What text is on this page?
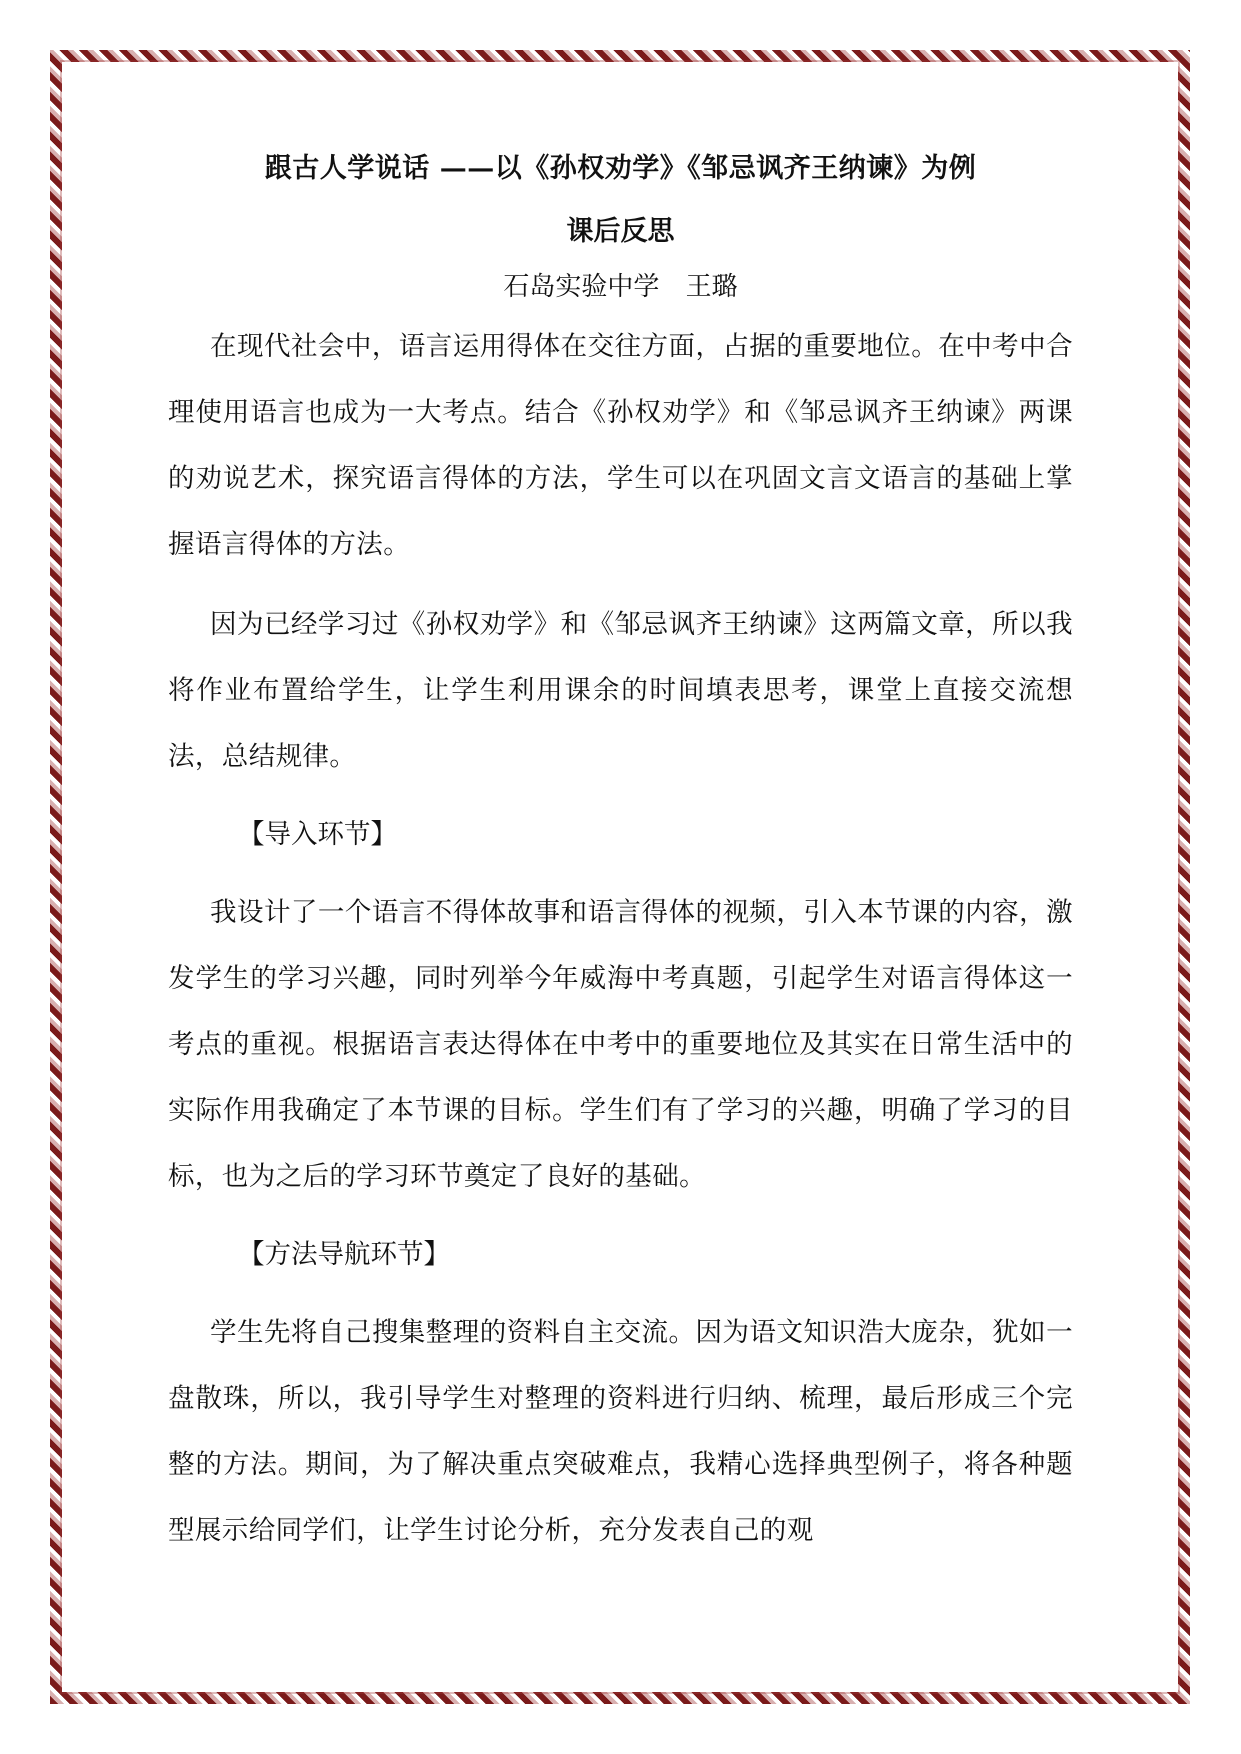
跟古人学说话 ——以《孙权劝学》《邹忌讽齐王纳谏》为例
课后反思
石岛实验中学 王璐

在现代社会中，语言运用得体在交往方面，占据的重要地位。在中考中合理使用语言也成为一大考点。结合《孙权劝学》和《邹忌讽齐王纳谏》两课的劝说艺术，探究语言得体的方法，学生可以在巩固文言文语言的基础上掌握语言得体的方法。

因为已经学习过《孙权劝学》和《邹忌讽齐王纳谏》这两篇文章，所以我将作业布置给学生，让学生利用课余的时间填表思考，课堂上直接交流想法，总结规律。

【导入环节】

我设计了一个语言不得体故事和语言得体的视频，引入本节课的内容，激发学生的学习兴趣，同时列举今年威海中考真题，引起学生对语言得体这一考点的重视。根据语言表达得体在中考中的重要地位及其实在日常生活中的实际作用我确定了本节课的目标。学生们有了学习的兴趣，明确了学习的目标，也为之后的学习环节奠定了良好的基础。

【方法导航环节】

学生先将自己搜集整理的资料自主交流。因为语文知识浩大庞杂，犹如一盘散珠，所以，我引导学生对整理的资料进行归纳、梳理，最后形成三个完整的方法。期间，为了解决重点突破难点，我精心选择典型例子，将各种题型展示给同学们，让学生讨论分析，充分发表自己的观
